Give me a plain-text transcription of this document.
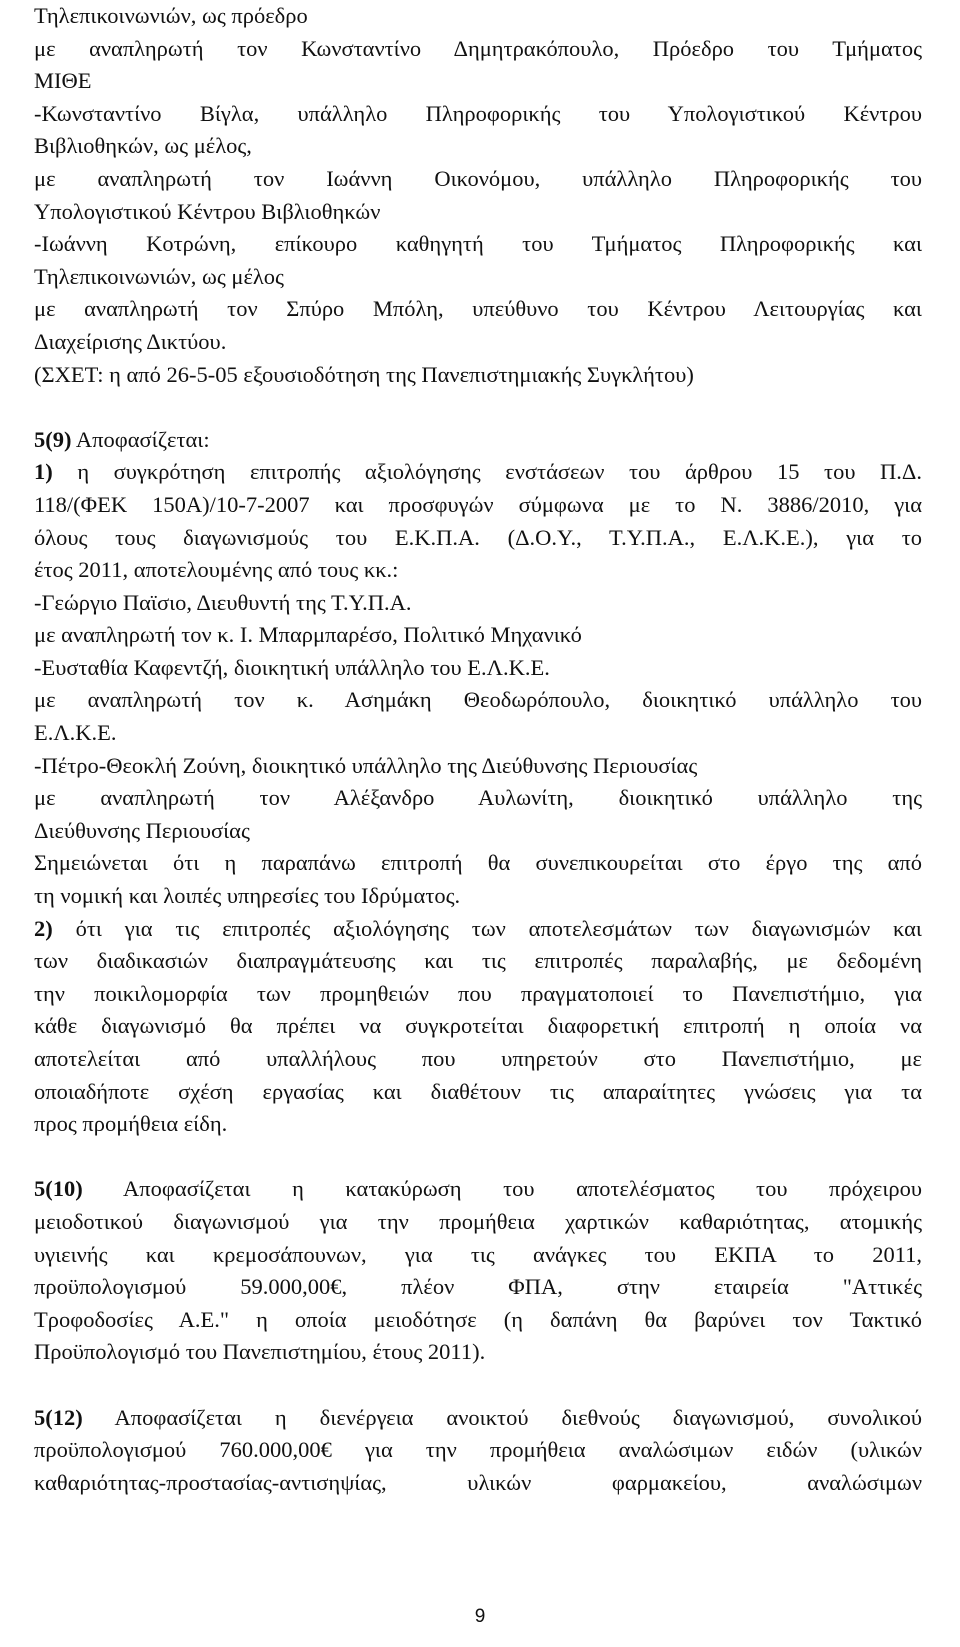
Τηλεπικοινωνιών, ως πρόεδρο
με αναπληρωτή τον Κωνσταντίνο Δημητρακόπουλο, Πρόεδρο του Τμήματος
ΜΙΘΕ
-Κωνσταντίνο Βίγλα, υπάλληλο Πληροφορικής του Υπολογιστικού Κέντρου
Βιβλιοθηκών, ως μέλος,
με αναπληρωτή τον Ιωάννη Οικονόμου, υπάλληλο Πληροφορικής του
Υπολογιστικού Κέντρου Βιβλιοθηκών
-Ιωάννη Κοτρώνη, επίκουρο καθηγητή του Τμήματος Πληροφορικής και
Τηλεπικοινωνιών, ως μέλος
με αναπληρωτή τον Σπύρο Μπόλη, υπεύθυνο του Κέντρου Λειτουργίας και
Διαχείρισης Δικτύου.
(ΣΧΕΤ: η από 26-5-05 εξουσιοδότηση της Πανεπιστημιακής Συγκλήτου)
5(9) Αποφασίζεται:
1) η συγκρότηση επιτροπής αξιολόγησης ενστάσεων του άρθρου 15 του Π.Δ.
118/(ΦΕΚ 150Α)/10-7-2007 και προσφυγών σύμφωνα με το Ν. 3886/2010, για
όλους τους διαγωνισμούς του Ε.Κ.Π.Α. (Δ.Ο.Υ., Τ.Υ.Π.Α., Ε.Λ.Κ.Ε.), για το
έτος 2011, αποτελουμένης από τους κκ.:
-Γεώργιο Παϊσιο, Διευθυντή της Τ.Υ.Π.Α.
με αναπληρωτή τον κ. Ι. Μπαρμπαρέσο, Πολιτικό Μηχανικό
-Ευσταθία Καφεντζή, διοικητική υπάλληλο του Ε.Λ.Κ.Ε.
με αναπληρωτή τον κ. Ασημάκη Θεοδωρόπουλο, διοικητικό υπάλληλο του
Ε.Λ.Κ.Ε.
-Πέτρο-Θεοκλή Ζούνη, διοικητικό υπάλληλο της Διεύθυνσης Περιουσίας
με αναπληρωτή τον Αλέξανδρο Αυλωνίτη, διοικητικό υπάλληλο της
Διεύθυνσης Περιουσίας
Σημειώνεται ότι η παραπάνω επιτροπή θα συνεπικουρείται στο έργο της από
τη νομική και λοιπές υπηρεσίες του Ιδρύματος.
2) ότι για τις επιτροπές αξιολόγησης των αποτελεσμάτων των διαγωνισμών και
των διαδικασιών διαπραγμάτευσης και τις επιτροπές παραλαβής, με δεδομένη
την ποικιλομορφία των προμηθειών που πραγματοποιεί το Πανεπιστήμιο, για
κάθε διαγωνισμό θα πρέπει να συγκροτείται διαφορετική επιτροπή η οποία να
αποτελείται από υπαλλήλους που υπηρετούν στο Πανεπιστήμιο, με
οποιαδήποτε σχέση εργασίας και διαθέτουν τις απαραίτητες γνώσεις για τα
προς προμήθεια είδη.
5(10) Αποφασίζεται η κατακύρωση του αποτελέσματος του πρόχειρου
μειοδοτικού διαγωνισμού για την προμήθεια χαρτικών καθαριότητας, ατομικής
υγιεινής και κρεμοσάπουνων, για τις ανάγκες του ΕΚΠΑ το 2011,
προϋπολογισμού 59.000,00€, πλέον ΦΠΑ, στην εταιρεία "Αττικές
Τροφοδοσίες Α.Ε." η οποία μειοδότησε (η δαπάνη θα βαρύνει τον Τακτικό
Προϋπολογισμό του Πανεπιστημίου, έτους 2011).
5(12) Αποφασίζεται η διενέργεια ανοικτού διεθνούς διαγωνισμού, συνολικού
προϋπολογισμού 760.000,00€ για την προμήθεια αναλώσιμων ειδών (υλικών
καθαριότητας-προστασίας-αντισηψίας, υλικών φαρμακείου, αναλώσιμων
9
